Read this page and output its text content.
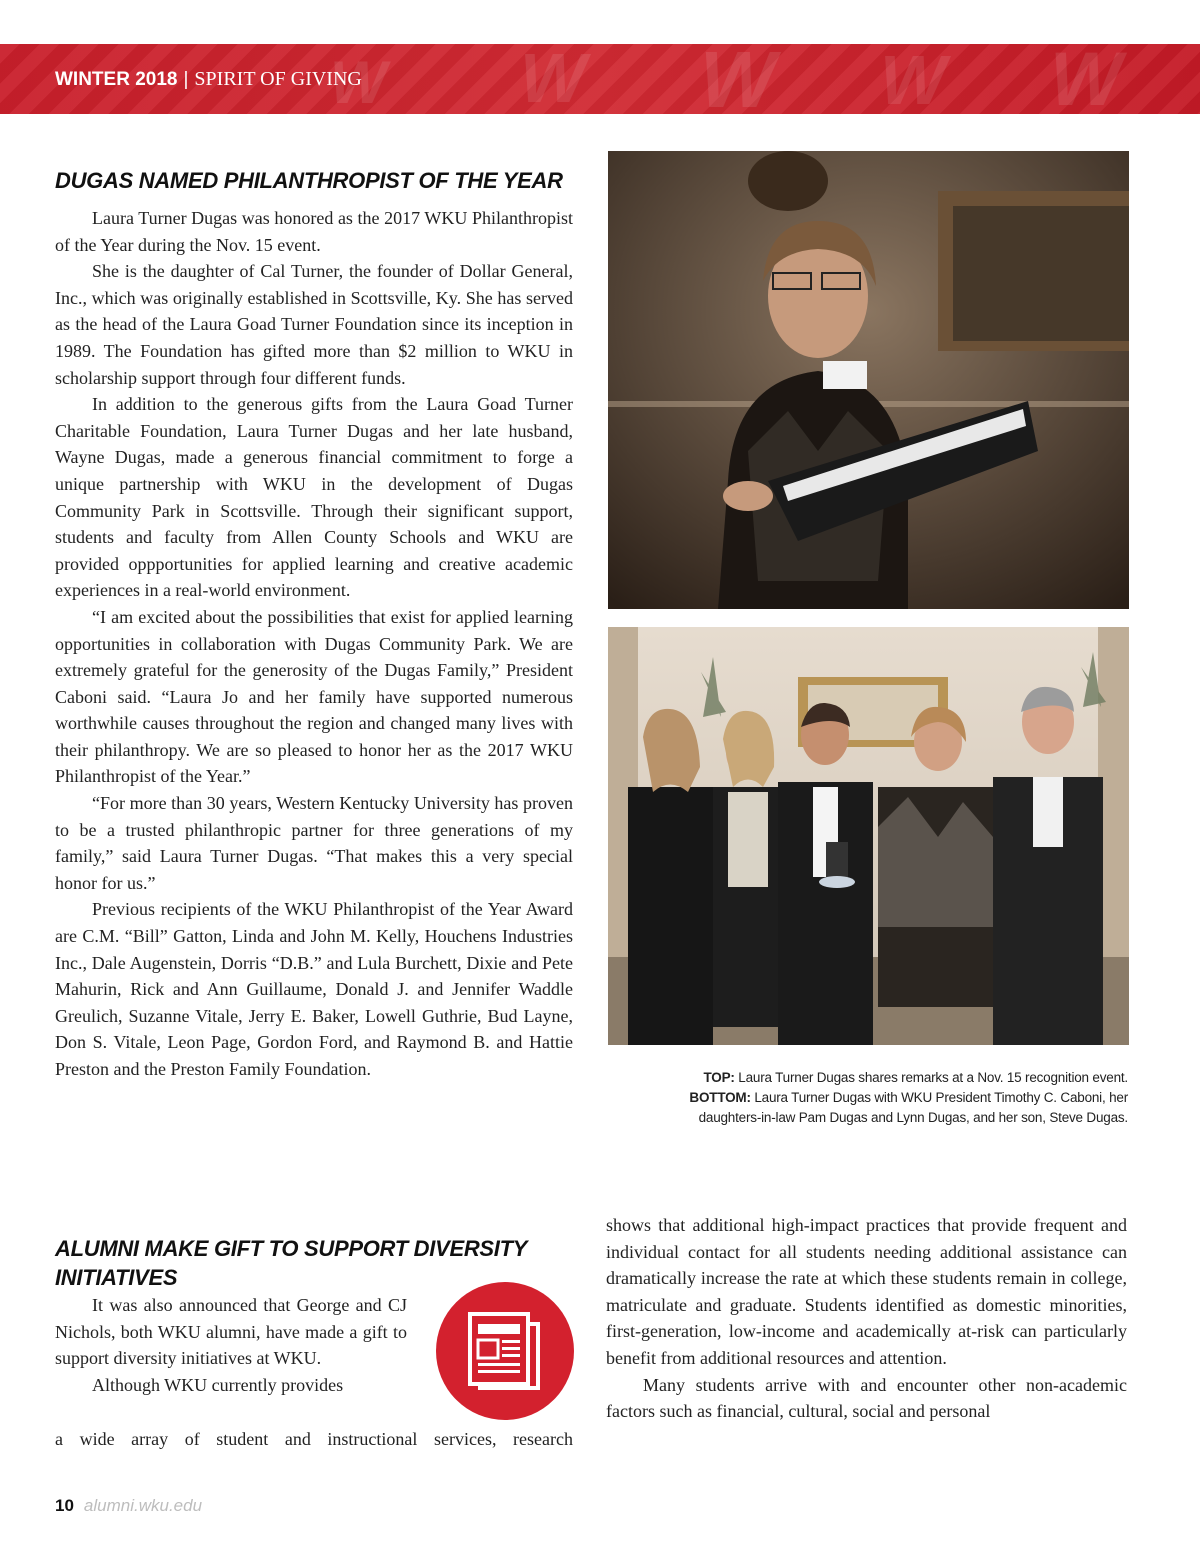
W W W W
W
WINTER 2018 | SPIRIT OF GIVING
DUGAS NAMED PHILANTHROPIST OF THE YEAR

Laura Turner Dugas was honored as the 2017 WKU Philanthropist of the Year during the Nov. 15 event.

She is the daughter of Cal Turner, the founder of Dollar General, Inc., which was originally established in Scottsville, Ky. She has served as the head of the Laura Goad Turner Foundation since its inception in 1989. The Foundation has gifted more than $2 million to WKU in scholarship support through four different funds.

In addition to the generous gifts from the Laura Goad Turner Charitable Foundation, Laura Turner Dugas and her late husband, Wayne Dugas, made a generous financial commitment to forge a unique partnership with WKU in the development of Dugas Community Park in Scottsville. Through their significant support, students and faculty from Allen County Schools and WKU are provided oppportunities for applied learning and creative academic experiences in a real-world environment.

“I am excited about the possibilities that exist for applied learning opportunities in collaboration with Dugas Community Park. We are extremely grateful for the generosity of the Dugas Family,” President Caboni said. “Laura Jo and her family have supported numerous worthwhile causes throughout the region and changed many lives with their philanthropy. We are so pleased to honor her as the 2017 WKU Philanthropist of the Year.”

“For more than 30 years, Western Kentucky University has proven to be a trusted philanthropic partner for three generations of my family,” said Laura Turner Dugas. “That makes this a very special honor for us.”

Previous recipients of the WKU Philanthropist of the Year Award are C.M. “Bill” Gatton, Linda and John M. Kelly, Houchens Industries Inc., Dale Augenstein, Dorris “D.B.” and Lula Burchett, Dixie and Pete Mahurin, Rick and Ann Guillaume, Donald J. and Jennifer Waddle Greulich, Suzanne Vitale, Jerry E. Baker, Lowell Guthrie, Bud Layne, Don S. Vitale, Leon Page, Gordon Ford, and Raymond B. and Hattie Preston and the Preston Family Foundation.	TOP: Laura Turner Dugas shares remarks at a Nov. 15 recognition event.
BOTTOM: Laura Turner Dugas with WKU President Timothy C. Caboni, her
daughters-in-law Pam Dugas and Lynn Dugas, and her son, Steve Dugas.
ALUMNI MAKE GIFT TO SUPPORT DIVERSITY
INITIATIVES

It was also announced that George and CJ Nichols, both WKU alumni, have made a gift to support diversity initiatives at WKU.

Although WKU currently provides

a wide array of student and instructional services, research

shows that additional high-impact practices that provide frequent and individual contact for all students needing additional assistance can dramatically increase the rate at which these students remain in college, matriculate and graduate. Students identified as domestic minorities, first-generation, low-income and academically at-risk can particularly benefit from additional resources and attention.

Many students arrive with and encounter other non-academic factors such as financial, cultural, social and personal

10 alumni.wku.edu
